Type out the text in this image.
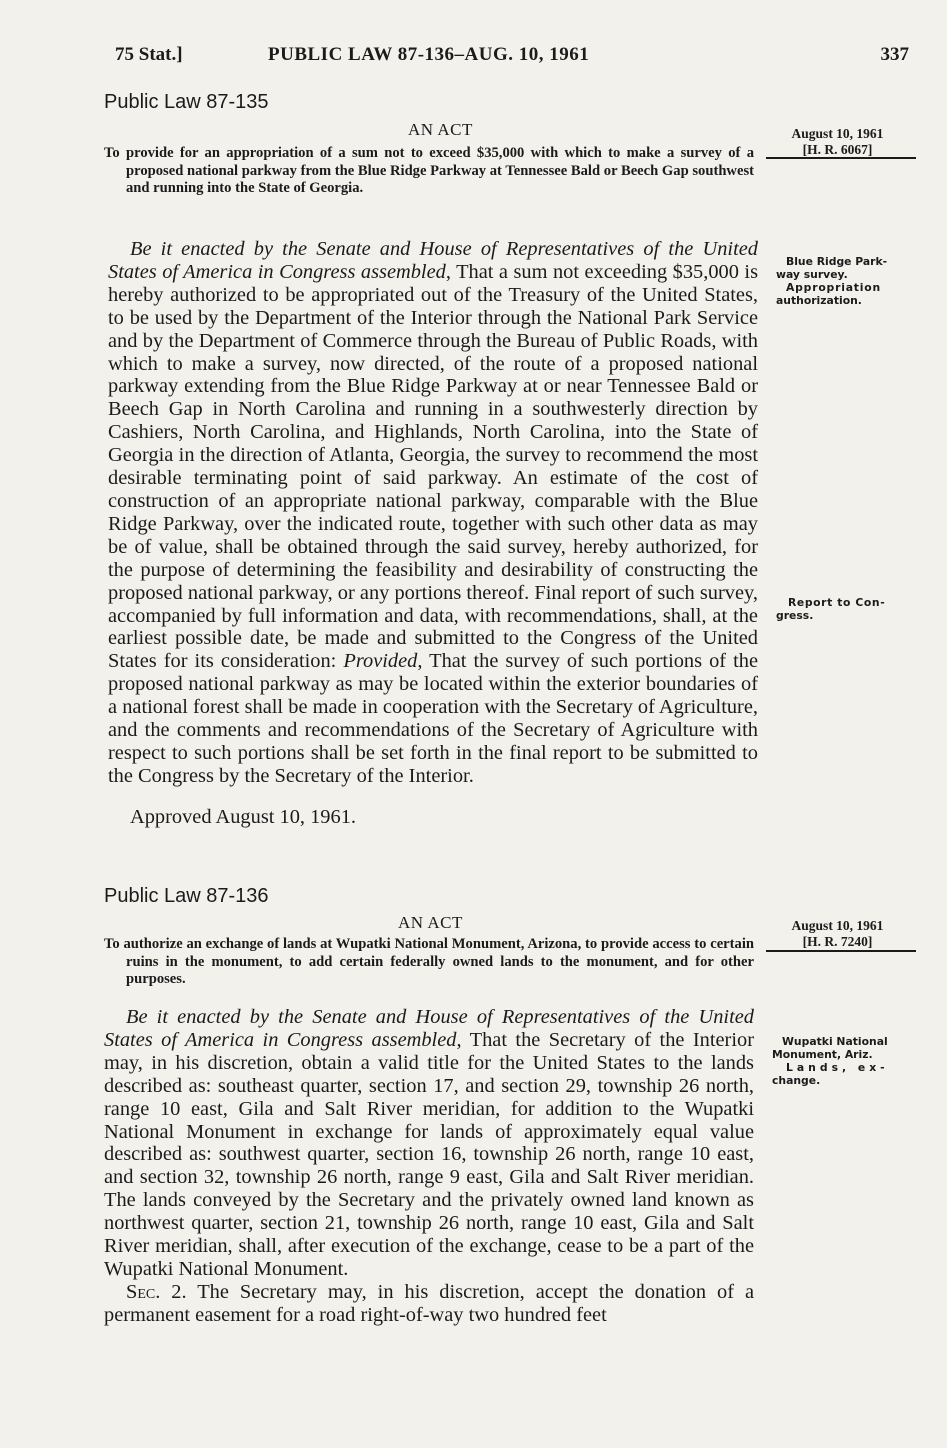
75 Stat.]	PUBLIC LAW 87-136–AUG. 10, 1961	337
Public Law 87-135
AN ACT

To provide for an appropriation of a sum not to exceed $35,000 with which to make a survey of a proposed national parkway from the Blue Ridge Parkway at Tennessee Bald or Beech Gap southwest and running into the State of Georgia.

August 10, 1961
[H. R. 6067]

Be it enacted by the Senate and House of Representatives of the United States of America in Congress assembled, That a sum not exceeding $35,000 is hereby authorized to be appropriated out of the Treasury of the United States, to be used by the Department of the Interior through the National Park Service and by the Department of Commerce through the Bureau of Public Roads, with which to make a survey, now directed, of the route of a proposed national parkway extending from the Blue Ridge Parkway at or near Tennessee Bald or Beech Gap in North Carolina and running in a southwesterly direction by Cashiers, North Carolina, and Highlands, North Carolina, into the State of Georgia in the direction of Atlanta, Georgia, the survey to recommend the most desirable terminating point of said parkway. An estimate of the cost of construction of an appropriate national parkway, comparable with the Blue Ridge Parkway, over the indicated route, together with such other data as may be of value, shall be obtained through the said survey, hereby authorized, for the purpose of determining the feasibility and desirability of constructing the proposed national parkway, or any portions thereof. Final report of such survey, accompanied by full information and data, with recommendations, shall, at the earliest possible date, be made and submitted to the Congress of the United States for its consideration: Provided, That the survey of such portions of the proposed national parkway as may be located within the exterior boundaries of a national forest shall be made in cooperation with the Secretary of Agriculture, and the comments and recommendations of the Secretary of Agriculture with respect to such portions shall be set forth in the final report to be submitted to the Congress by the Secretary of the Interior.

Approved August 10, 1961.
Blue Ridge Park-
way survey.
Appropriation
authorization.
Report to Con-
gress.
Public Law 87-136
AN ACT

To authorize an exchange of lands at Wupatki National Monument, Arizona, to provide access to certain ruins in the monument, to add certain federally owned lands to the monument, and for other purposes.

August 10, 1961
[H. R. 7240]

Be it enacted by the Senate and House of Representatives of the United States of America in Congress assembled, That the Secretary of the Interior may, in his discretion, obtain a valid title for the United States to the lands described as: southeast quarter, section 17, and section 29, township 26 north, range 10 east, Gila and Salt River meridian, for addition to the Wupatki National Monument in exchange for lands of approximately equal value described as: southwest quarter, section 16, township 26 north, range 10 east, and section 32, township 26 north, range 9 east, Gila and Salt River meridian. The lands conveyed by the Secretary and the privately owned land known as northwest quarter, section 21, township 26 north, range 10 east, Gila and Salt River meridian, shall, after execution of the exchange, cease to be a part of the Wupatki National Monument.

Sec. 2. The Secretary may, in his discretion, accept the donation of a permanent easement for a road right-of-way two hundred feet

Wupatki National
Monument, Ariz.
Lands, ex-
change.
